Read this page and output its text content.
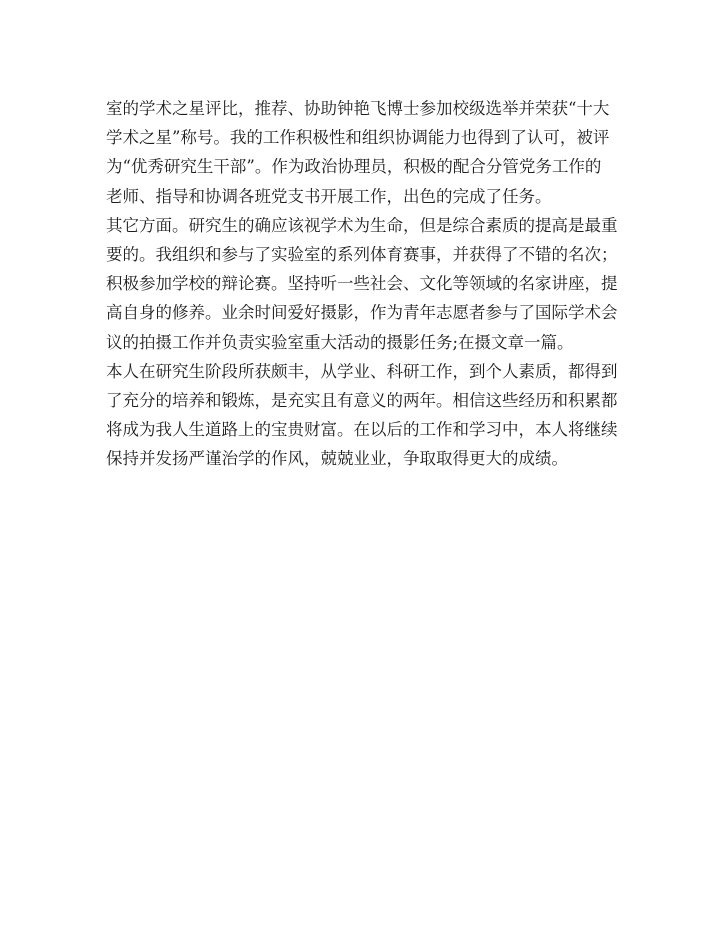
室的学术之星评比，推荐、协助钟艳飞博士参加校级选举并荣获“十大
学术之星”称号。我的工作积极性和组织协调能力也得到了认可，被评
为“优秀研究生干部”。作为政治协理员，积极的配合分管党务工作的
老师、指导和协调各班党支书开展工作，出色的完成了任务。

其它方面。研究生的确应该视学术为生命，但是综合素质的提高是最重
要的。我组织和参与了实验室的系列体育赛事，并获得了不错的名次；
积极参加学校的辩论赛。坚持听一些社会、文化等领域的名家讲座，提
高自身的修养。业余时间爱好摄影，作为青年志愿者参与了国际学术会
议的拍摄工作并负责实验室重大活动的摄影任务;在摄文章一篇。

本人在研究生阶段所获颇丰，从学业、科研工作，到个人素质，都得到
了充分的培养和锻炼，是充实且有意义的两年。相信这些经历和积累都
将成为我人生道路上的宝贵财富。在以后的工作和学习中，本人将继续
保持并发扬严谨治学的作风，兢兢业业，争取取得更大的成绩。
